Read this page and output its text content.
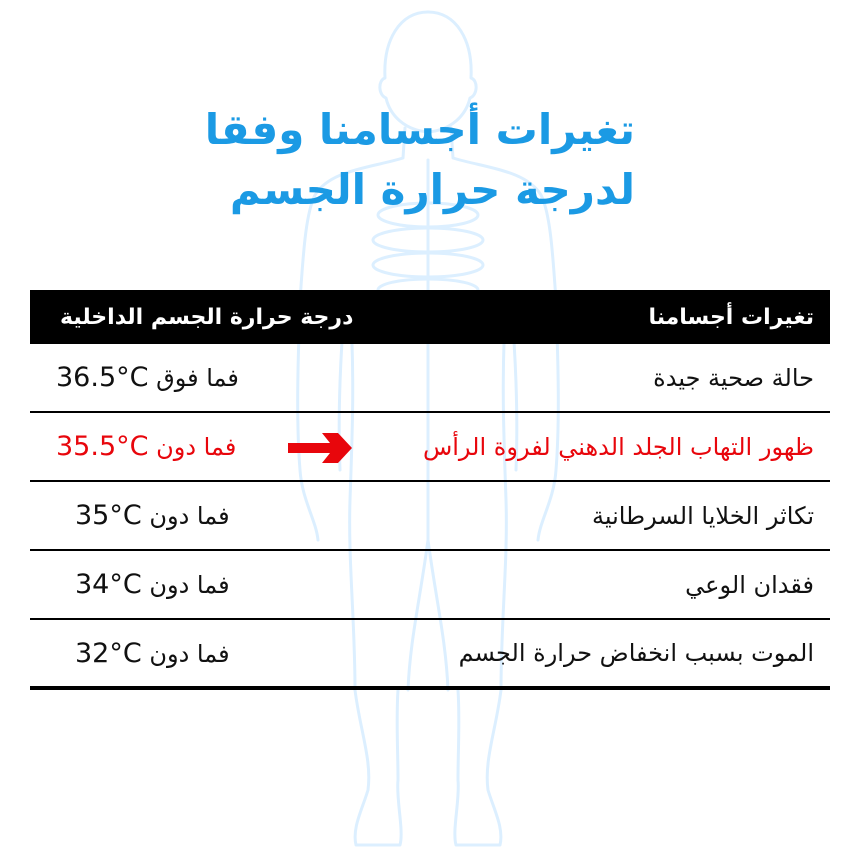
تغيرات أجسامنا وفقا
لدرجة حرارة الجسم
تغيرات أجسامنا
درجة حرارة الجسم الداخلية
حالة صحية جيدة
فما فوق 36.5°C
ظهور التهاب الجلد الدهني لفروة الرأس
فما دون 35.5°C
تكاثر الخلايا السرطانية
فما دون 35°C
فقدان الوعي
فما دون 34°C
الموت بسبب انخفاض حرارة الجسم
فما دون 32°C
